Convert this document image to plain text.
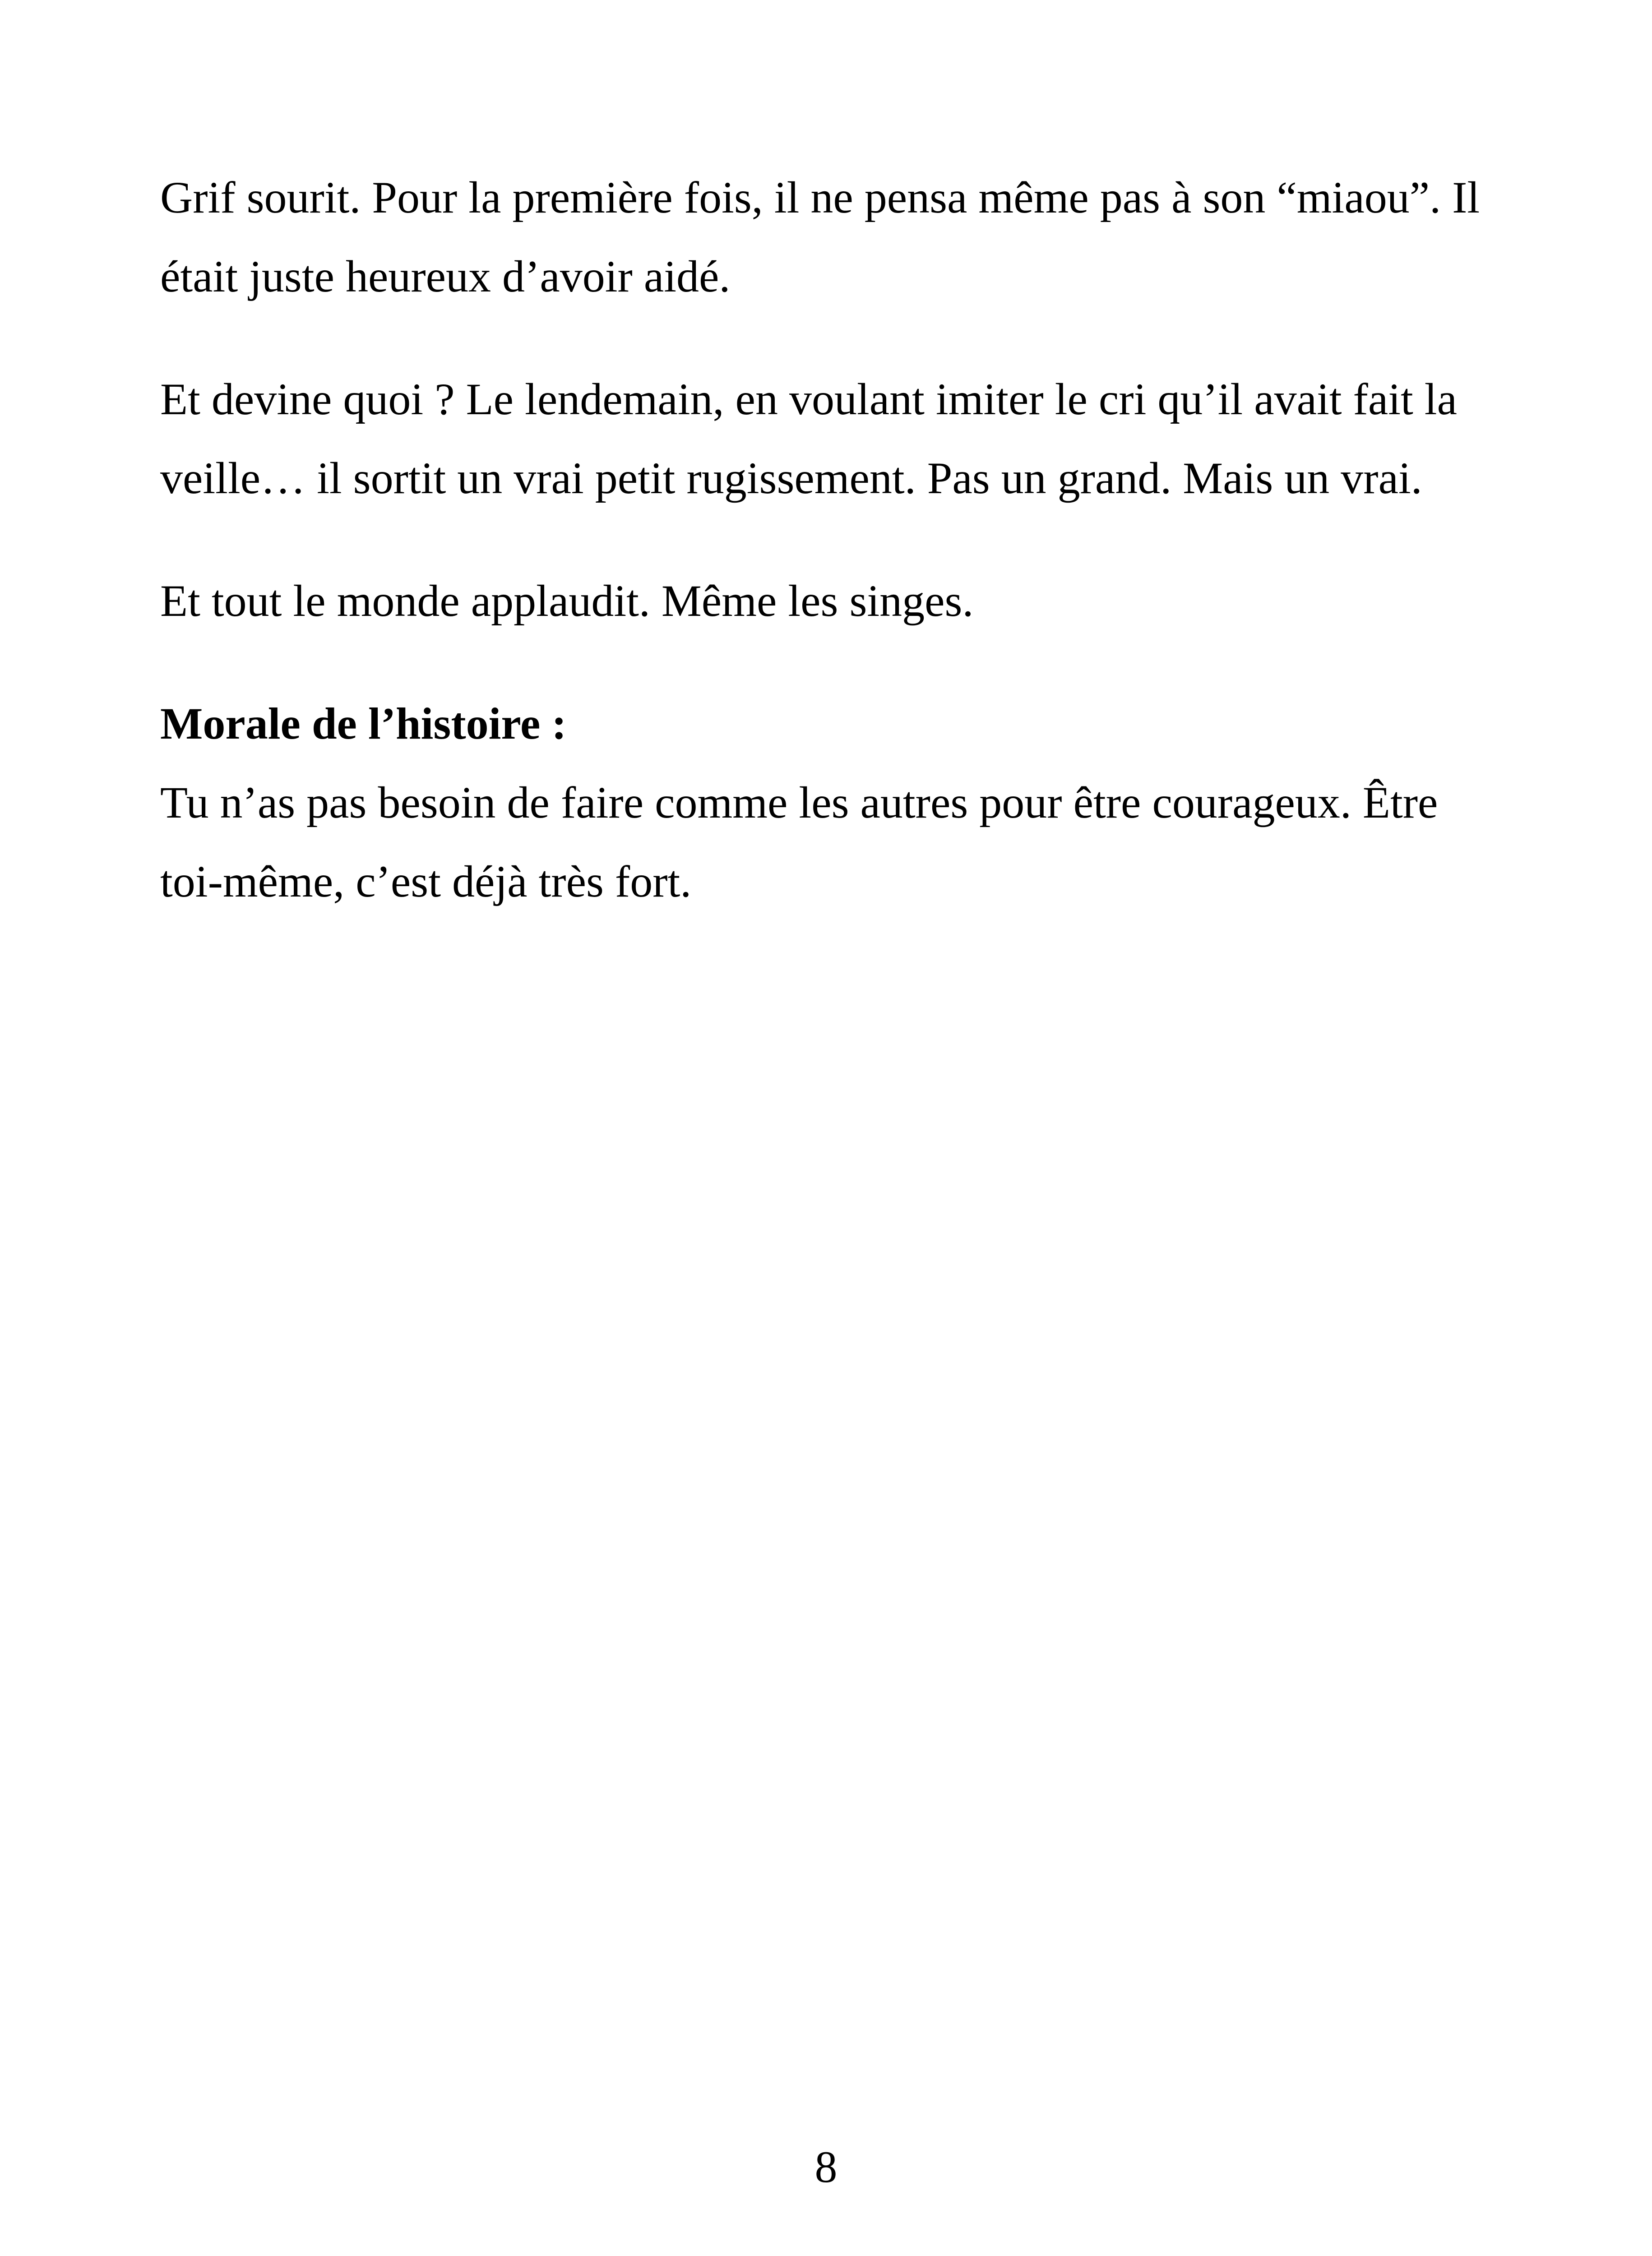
Grif sourit. Pour la première fois, il ne pensa même pas à son “miaou”. Il était juste heureux d’avoir aidé.

Et devine quoi ? Le lendemain, en voulant imiter le cri qu’il avait fait la veille… il sortit un vrai petit rugissement. Pas un grand. Mais un vrai.

Et tout le monde applaudit. Même les singes.

Morale de l’histoire :

Tu n’as pas besoin de faire comme les autres pour être courageux. Être toi-même, c’est déjà très fort.

8
